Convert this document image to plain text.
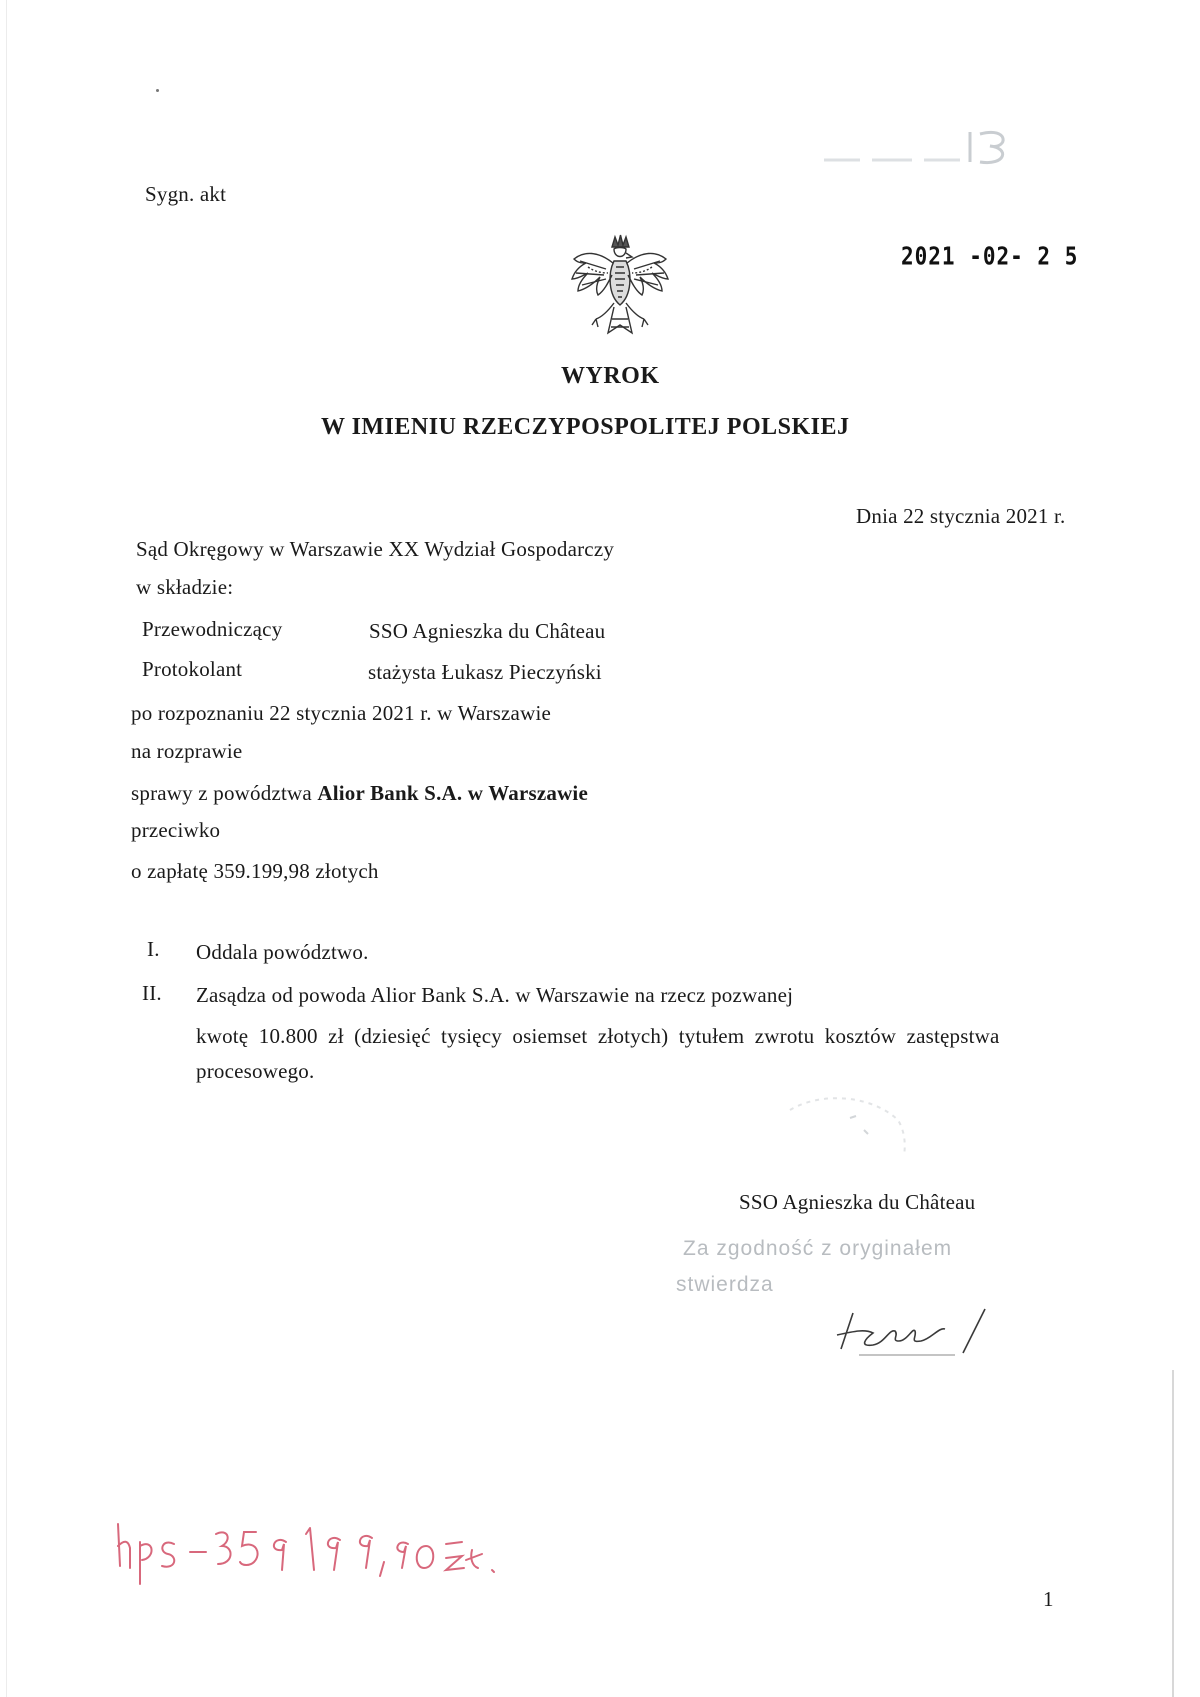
Sygn. akt
2021 -02- 2 5
WYROK
W IMIENIU RZECZYPOSPOLITEJ POLSKIEJ
Dnia 22 stycznia 2021 r.
Sąd Okręgowy w Warszawie XX Wydział Gospodarczy
w składzie:
Przewodniczący	SSO Agnieszka du Château
Protokolant	stażysta Łukasz Pieczyński
po rozpoznaniu 22 stycznia 2021 r. w Warszawie
na rozprawie
sprawy z powództwa Alior Bank S.A. w Warszawie
przeciwko
o zapłatę 359.199,98 złotych
I. Oddala powództwo.
II. Zasądza od powoda Alior Bank S.A. w Warszawie na rzecz pozwanej
kwotę 10.800 zł (dziesięć tysięcy osiemset złotych) tytułem zwrotu kosztów zastępstwa
procesowego.
SSO Agnieszka du Château
Za zgodność z oryginałem
stwierdza
1
